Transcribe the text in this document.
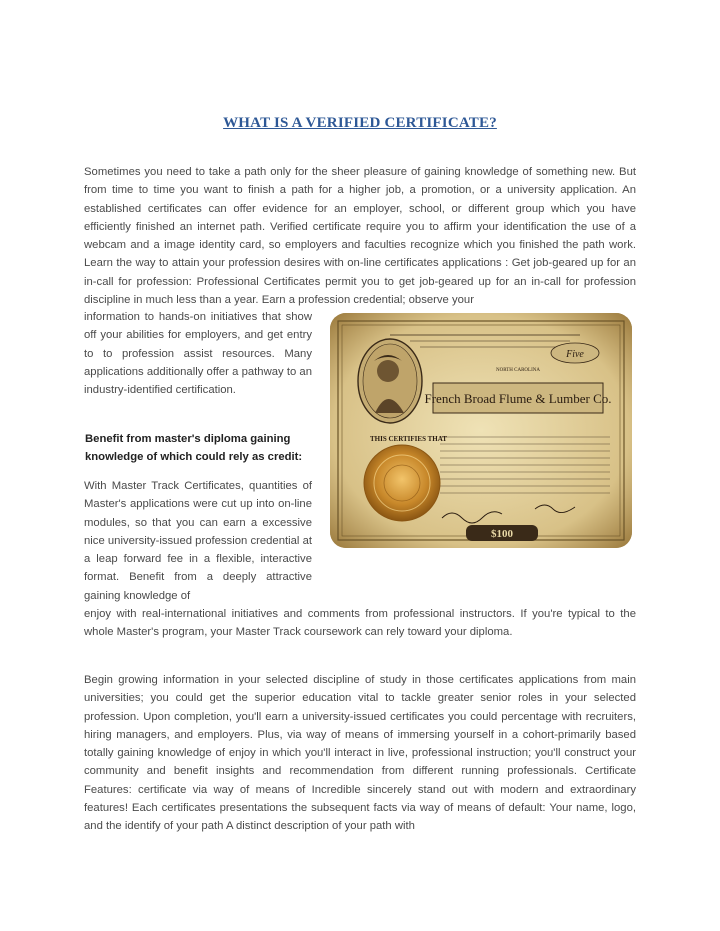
WHAT IS A VERIFIED CERTIFICATE?

Sometimes you need to take a path only for the sheer pleasure of gaining knowledge of something new. But from time to time you want to finish a path for a higher job, a promotion, or a university application. An established certificates can offer evidence for an employer, school, or different group which you have efficiently finished an internet path. Verified certificate require you to affirm your identification the use of a webcam and a image identity card, so employers and faculties recognize which you finished the path work. Learn the way to attain your profession desires with on-line certificates applications : Get job-geared up for an in-call for profession: Professional Certificates permit you to get job-geared up for an in-call for profession discipline in much less than a year. Earn a profession credential; observe your

information to hands-on initiatives that show off your abilities for employers, and get entry to to profession assist resources. Many applications additionally offer a pathway to an industry-identified certification.

Benefit from master's diploma gaining knowledge of which could rely as credit:

With Master Track Certificates, quantities of Master's applications were cut up into on-line modules, so that you can earn a excessive nice university-issued profession credential at a leap forward fee in a flexible, interactive format. Benefit from a deeply attractive gaining knowledge of

enjoy with real-international initiatives and comments from professional instructors. If you're typical to the whole Master's program, your Master Track coursework can rely toward your diploma.

Begin growing information in your selected discipline of study in those certificates applications from main universities; you could get the superior education vital to tackle greater senior roles in your selected profession. Upon completion, you'll earn a university-issued certificates you could percentage with recruiters, hiring managers, and employers. Plus, via way of means of immersing yourself in a cohort-primarily based totally gaining knowledge of enjoy in which you'll interact in live, professional instruction; you'll construct your community and benefit insights and recommendation from different running professionals. Certificate Features: certificate via way of means of Incredible sincerely stand out with modern and extraordinary features! Each certificates presentations the subsequent facts via way of means of default: Your name, logo, and the identify of your path A distinct description of your path with

French Broad Flume & Lumber Co.
Five
NORTH CAROLINA
THIS CERTIFIES THAT
$100
